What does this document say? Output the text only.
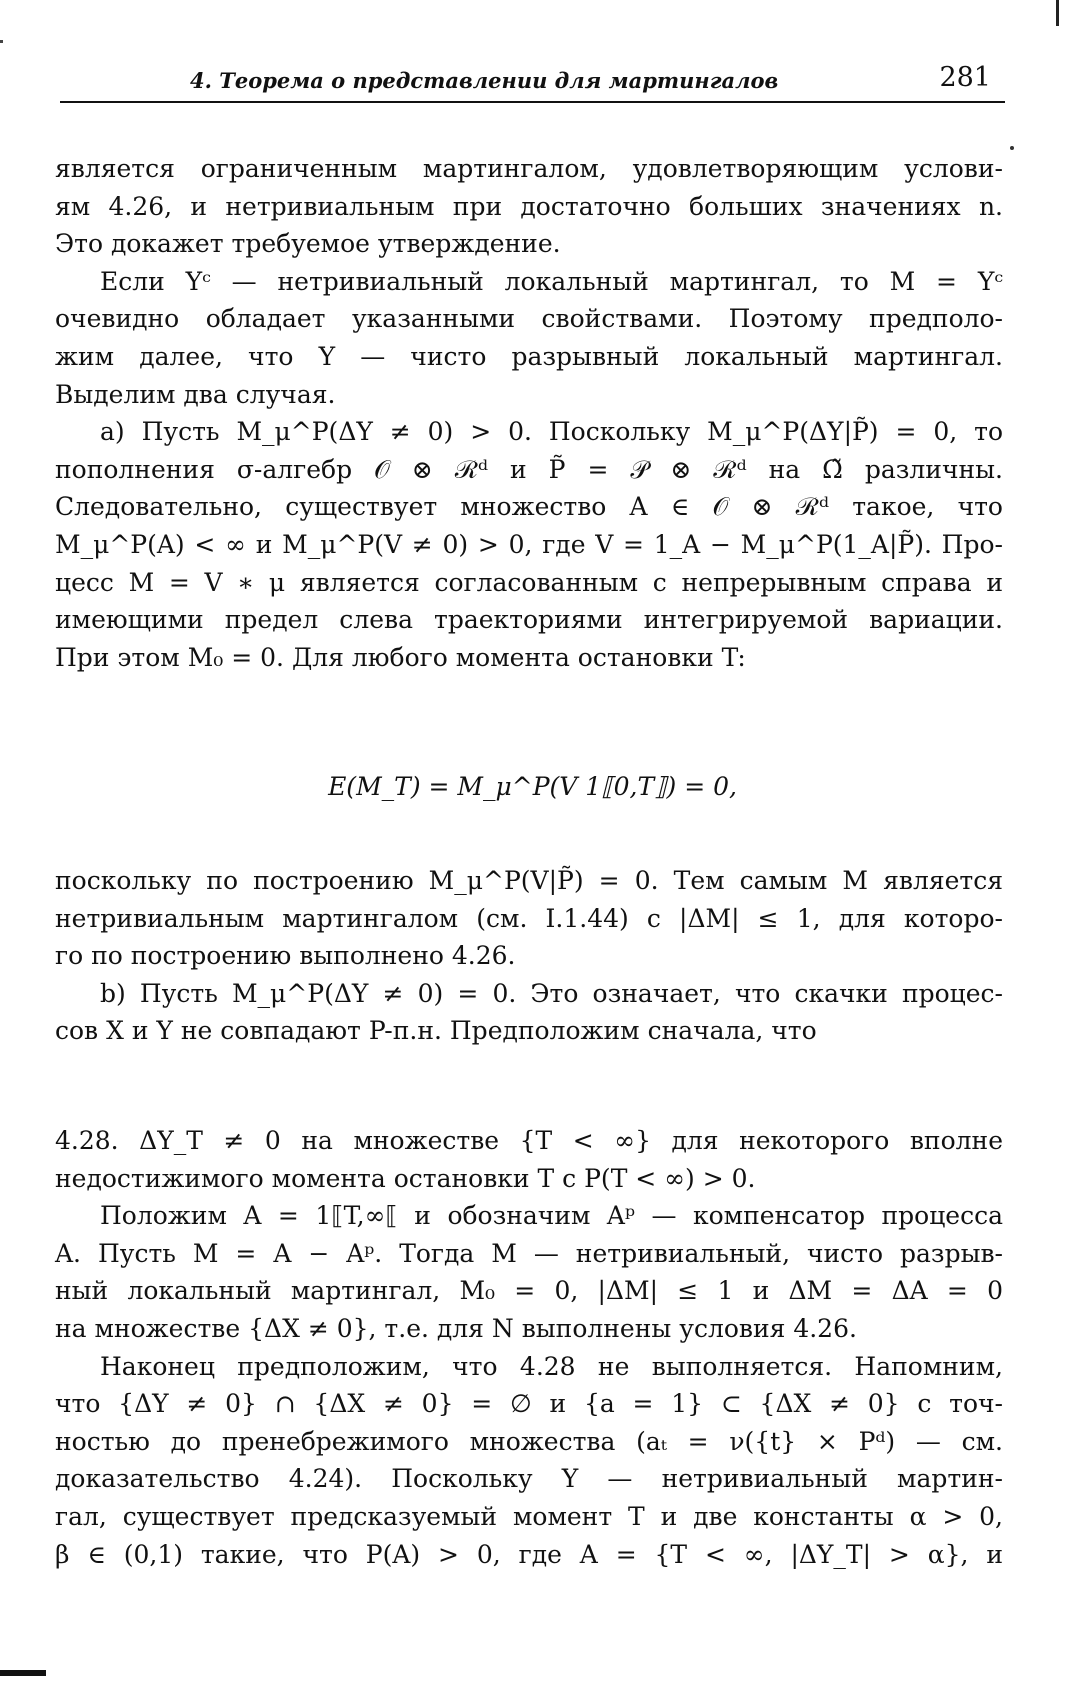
4. Теорема о представлении для мартингалов	281
является ограниченным мартингалом, удовлетворяющим услови-
ям 4.26, и нетривиальным при достаточно больших значениях n.
Это докажет требуемое утверждение.
Если Yᶜ — нетривиальный локальный мартингал, то M = Yᶜ
очевидно обладает указанными свойствами. Поэтому предполо-
жим далее, что Y — чисто разрывный локальный мартингал.
Выделим два случая.
a) Пусть M_μ^P(ΔY ≠ 0) > 0. Поскольку M_μ^P(ΔY|P̃) = 0, то
пополнения σ-алгебр 𝒪 ⊗ ℛᵈ и P̃ = 𝒫 ⊗ ℛᵈ на Ω̃ различны.
Следовательно, существует множество A ∈ 𝒪 ⊗ ℛᵈ такое, что
M_μ^P(A) < ∞ и M_μ^P(V ≠ 0) > 0, где V = 1_A − M_μ^P(1_A|P̃). Про-
цесс M = V ∗ μ является согласованным с непрерывным справа и
имеющими предел слева траекториями интегрируемой вариации.
При этом M₀ = 0. Для любого момента остановки T:
E(M_T) = M_μ^P(V 1⟦0,T⟧) = 0,
поскольку по построению M_μ^P(V|P̃) = 0. Тем самым M является
нетривиальным мартингалом (см. I.1.44) с |ΔM| ≤ 1, для которо-
го по построению выполнено 4.26.
b) Пусть M_μ^P(ΔY ≠ 0) = 0. Это означает, что скачки процес-
сов X и Y не совпадают P-п.н. Предположим сначала, что
4.28. ΔY_T ≠ 0 на множестве {T < ∞} для некоторого вполне
недостижимого момента остановки T с P(T < ∞) > 0.
Положим A = 1⟦T,∞⟦ и обозначим Aᵖ — компенсатор процесса
A. Пусть M = A − Aᵖ. Тогда M — нетривиальный, чисто разрыв-
ный локальный мартингал, M₀ = 0, |ΔM| ≤ 1 и ΔM = ΔA = 0
на множестве {ΔX ≠ 0}, т.е. для N выполнены условия 4.26.
Наконец предположим, что 4.28 не выполняется. Напомним,
что {ΔY ≠ 0} ∩ {ΔX ≠ 0} = ∅ и {a = 1} ⊂ {ΔX ≠ 0} с точ-
ностью до пренебрежимого множества (aₜ = ν({t} × Pᵈ) — см.
доказательство 4.24). Поскольку Y — нетривиальный мартин-
гал, существует предсказуемый момент T и две константы α > 0,
β ∈ (0,1) такие, что P(A) > 0, где A = {T < ∞, |ΔY_T| > α}, и
